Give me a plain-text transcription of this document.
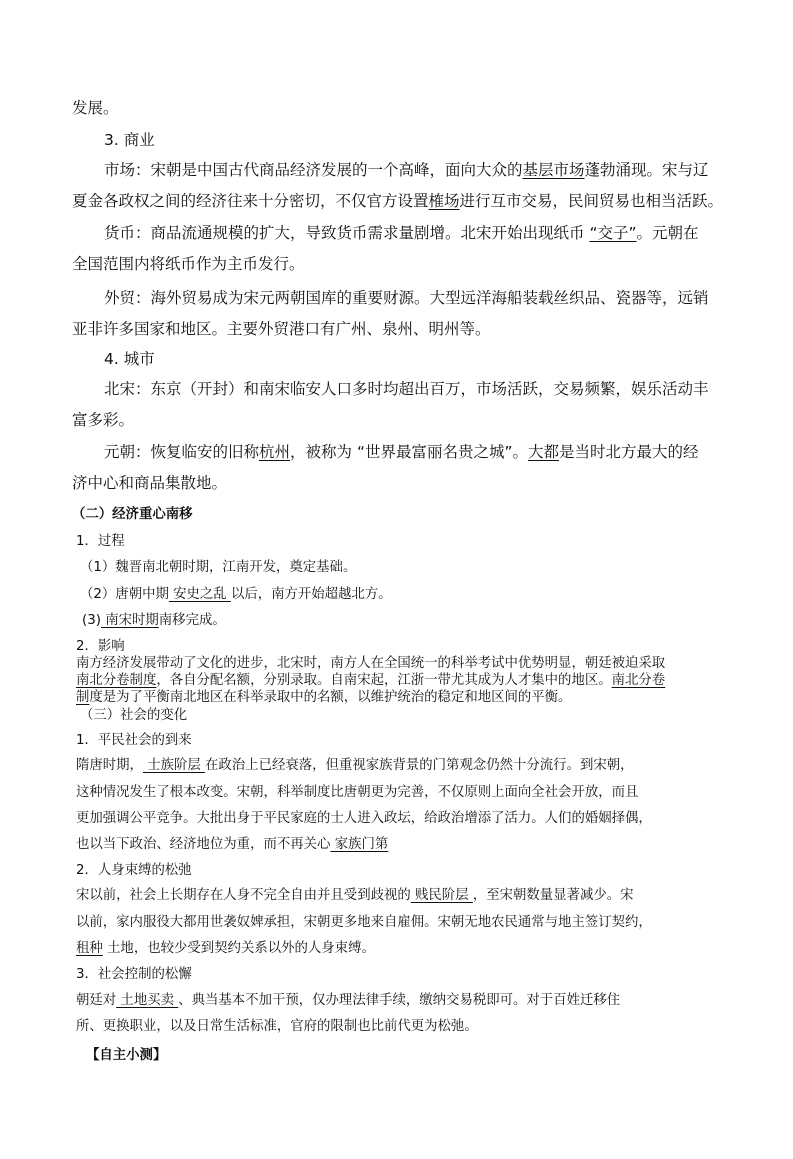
发展。
3. 商业
市场：宋朝是中国古代商品经济发展的一个高峰，面向大众的基层市场蓬勃涌现。宋与辽
夏金各政权之间的经济往来十分密切，不仅官方设置榷场进行互市交易，民间贸易也相当活跃。
货币：商品流通规模的扩大，导致货币需求量剧增。北宋开始出现纸币 “交子”。元朝在
全国范围内将纸币作为主币发行。
外贸：海外贸易成为宋元两朝国库的重要财源。大型远洋海船装载丝织品、瓷器等，远销
亚非许多国家和地区。主要外贸港口有广州、泉州、明州等。
4. 城市
北宋：东京（开封）和南宋临安人口多时均超出百万，市场活跃，交易频繁，娱乐活动丰
富多彩。
元朝：恢复临安的旧称杭州，被称为 “世界最富丽名贵之城”。大都是当时北方最大的经
济中心和商品集散地。
（二）经济重心南移
1．过程
（1）魏晋南北朝时期，江南开发，奠定基础。
（2）唐朝中期 安史之乱 以后，南方开始超越北方。
(3) 南宋时期南移完成。
2．影响
南方经济发展带动了文化的进步，北宋时，南方人在全国统一的科举考试中优势明显，朝廷被迫采取
南北分卷制度，各自分配名额，分别录取。自南宋起，江浙一带尤其成为人才集中的地区。南北分卷
制度是为了平衡南北地区在科举录取中的名额，以维护统治的稳定和地区间的平衡。
（三）社会的变化
1．平民社会的到来
隋唐时期， 士族阶层 在政治上已经衰落，但重视家族背景的门第观念仍然十分流行。到宋朝，
这种情况发生了根本改变。宋朝，科举制度比唐朝更为完善，不仅原则上面向全社会开放，而且
更加强调公平竞争。大批出身于平民家庭的士人进入政坛，给政治增添了活力。人们的婚姻择偶，
也以当下政治、经济地位为重，而不再关心 家族门第
2．人身束缚的松弛
宋以前，社会上长期存在人身不完全自由并且受到歧视的 贱民阶层 ，至宋朝数量显著减少。宋
以前，家内服役大都用世袭奴婢承担，宋朝更多地来自雇佣。宋朝无地农民通常与地主签订契约，
租种 土地，也较少受到契约关系以外的人身束缚。
3．社会控制的松懈
朝廷对 土地买卖 、典当基本不加干预，仅办理法律手续，缴纳交易税即可。对于百姓迁移住
所、更换职业，以及日常生活标准，官府的限制也比前代更为松弛。
【自主小测】
